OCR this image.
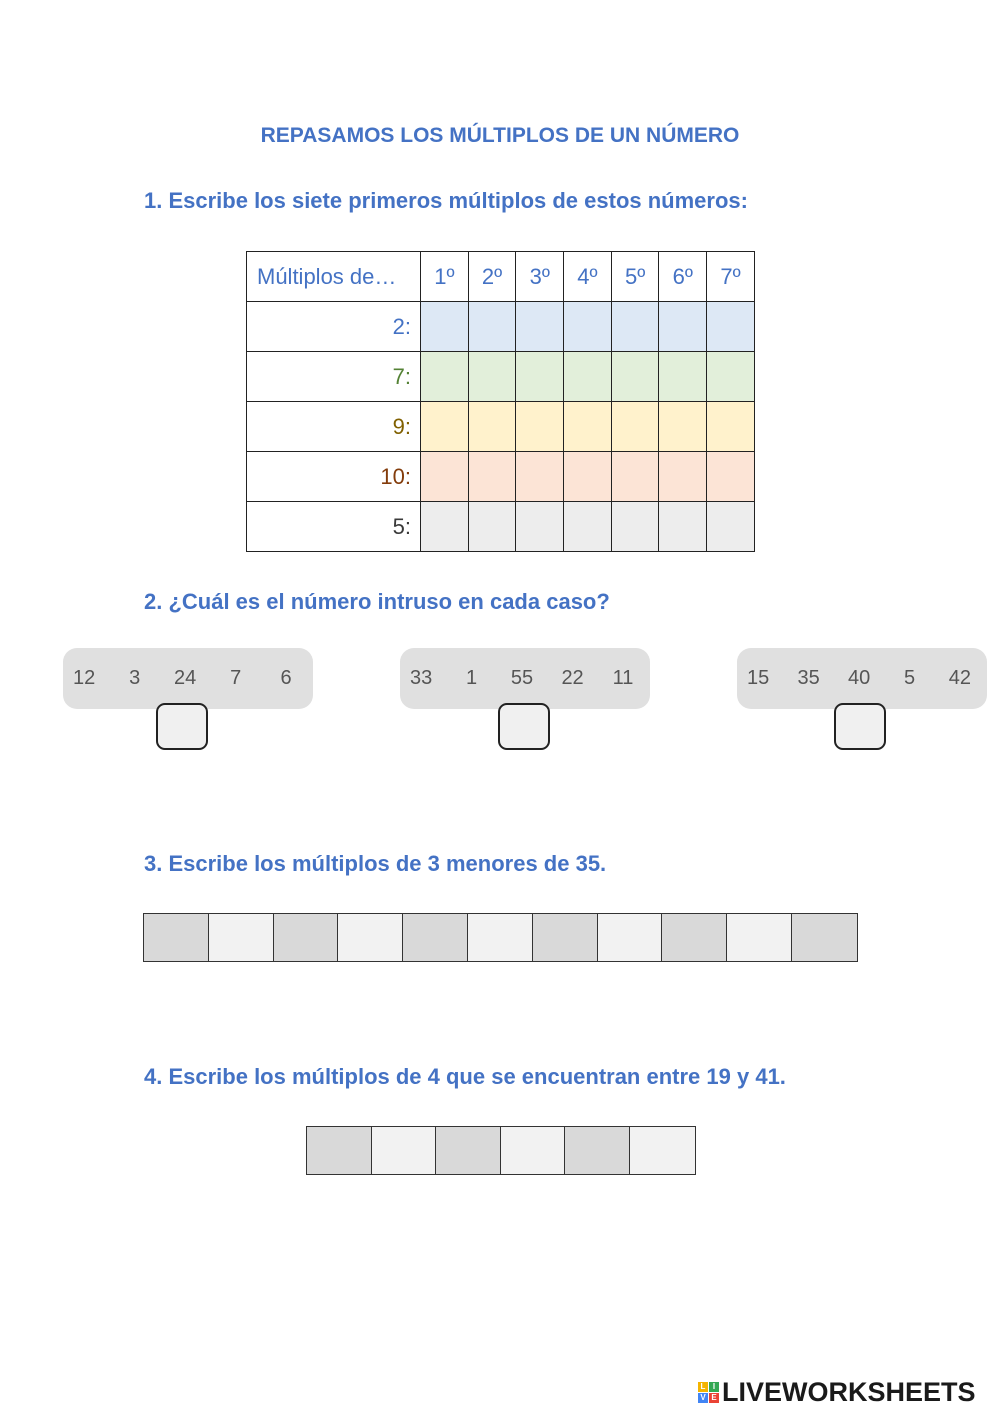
REPASAMOS LOS MÚLTIPLOS DE UN NÚMERO
1. Escribe los siete primeros múltiplos de estos números:
Múltiplos de…	1º	2º	3º	4º	5º	6º	7º
2:							
7:							
9:							
10:							
5:							
2. ¿Cuál es el número intruso en cada caso?
12 3 24 7 6	33 1 55 22 11	15 35 40 5 42
3. Escribe los múltiplos de 3 menores de 35.
4. Escribe los múltiplos de 4 que se encuentran entre 19 y 41.
L I
V E LIVEWORKSHEETS
